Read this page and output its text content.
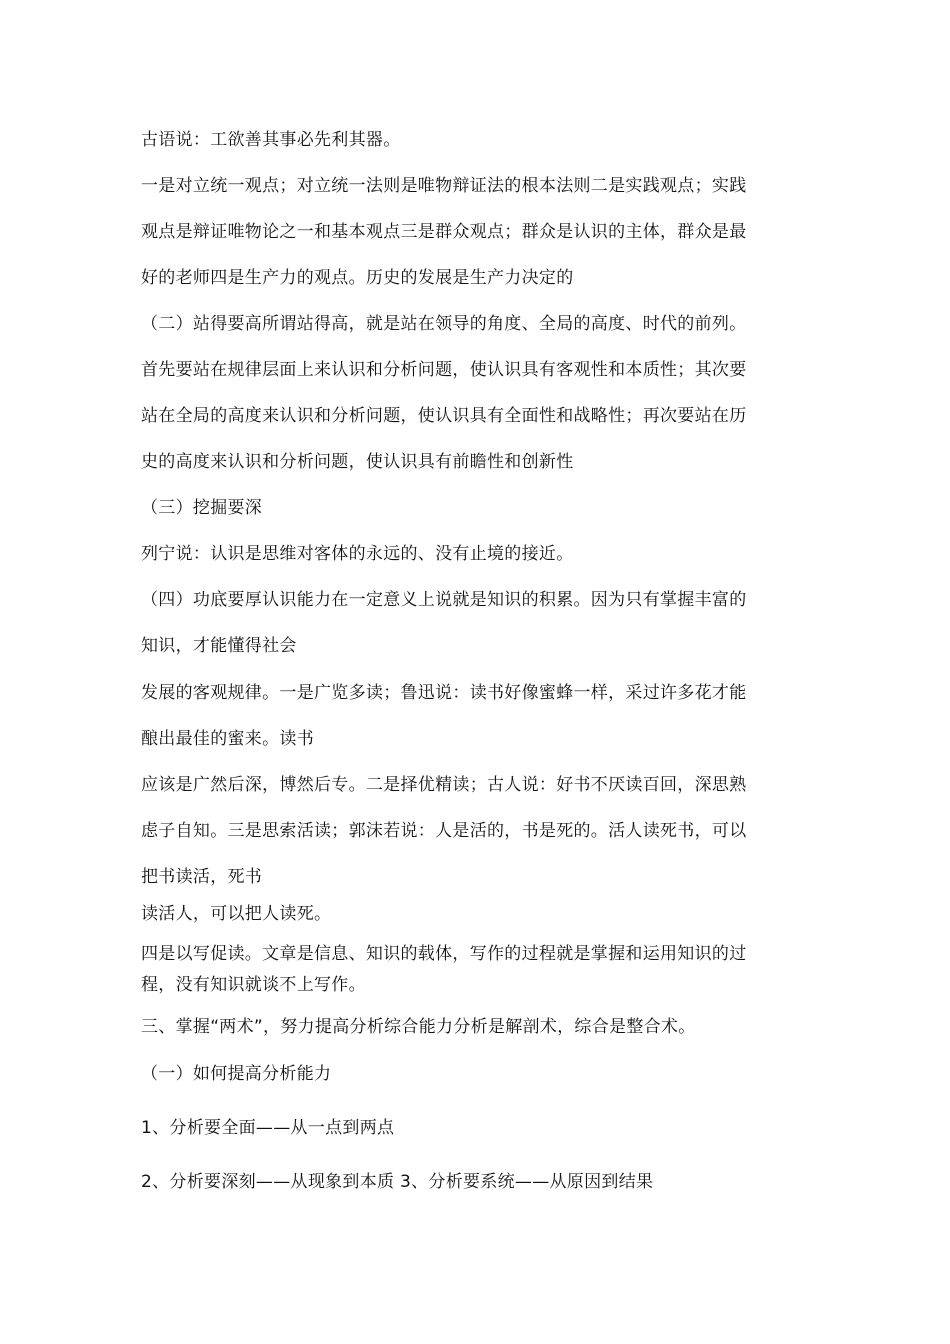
古语说：工欲善其事必先利其器。
一是对立统一观点；对立统一法则是唯物辩证法的根本法则二是实践观点；实践
观点是辩证唯物论之一和基本观点三是群众观点；群众是认识的主体，群众是最
好的老师四是生产力的观点。历史的发展是生产力决定的
（二）站得要高所谓站得高，就是站在领导的角度、全局的高度、时代的前列。
首先要站在规律层面上来认识和分析问题，使认识具有客观性和本质性；其次要
站在全局的高度来认识和分析问题，使认识具有全面性和战略性；再次要站在历
史的高度来认识和分析问题，使认识具有前瞻性和创新性
（三）挖掘要深
列宁说：认识是思维对客体的永远的、没有止境的接近。
（四）功底要厚认识能力在一定意义上说就是知识的积累。因为只有掌握丰富的
知识，才能懂得社会
发展的客观规律。一是广览多读；鲁迅说：读书好像蜜蜂一样，采过许多花才能
酿出最佳的蜜来。读书
应该是广然后深，博然后专。二是择优精读；古人说：好书不厌读百回，深思熟
虑子自知。三是思索活读；郭沫若说：人是活的，书是死的。活人读死书，可以
把书读活，死书
读活人，可以把人读死。
四是以写促读。文章是信息、知识的载体，写作的过程就是掌握和运用知识的过
程，没有知识就谈不上写作。
三、掌握“两术”，努力提高分析综合能力分析是解剖术，综合是整合术。
（一）如何提高分析能力
1、分析要全面——从一点到两点
2、分析要深刻——从现象到本质 3、分析要系统——从原因到结果
